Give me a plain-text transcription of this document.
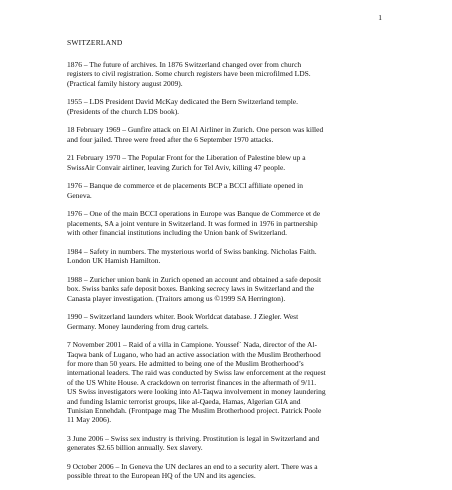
1
SWITZERLAND

1876 – The future of archives. In 1876 Switzerland changed over from church
registers to civil registration. Some church registers have been microfilmed LDS.
(Practical family history august 2009).

1955 – LDS President David McKay dedicated the Bern Switzerland temple.
(Presidents of the church LDS book).

18 February 1969 – Gunfire attack on El Al Airliner in Zurich. One person was killed
and four jailed. Three were freed after the 6 September 1970 attacks.

21 February 1970 – The Popular Front for the Liberation of Palestine blew up a
SwissAir Convair airliner, leaving Zurich for Tel Aviv, killing 47 people.

1976 – Banque de commerce et de placements BCP a BCCI affiliate opened in
Geneva.

1976 – One of the main BCCI operations in Europe was Banque de Commerce et de
placements, SA a joint venture in Switzerland. It was formed in 1976 in partnership
with other financial institutions including the Union bank of Switzerland.

1984 – Safety in numbers. The mysterious world of Swiss banking. Nicholas Faith.
London UK Hamish Hamilton.

1988 – Zuricher union bank in Zurich opened an account and obtained a safe deposit
box. Swiss banks safe deposit boxes. Banking secrecy laws in Switzerland and the
Canasta player investigation. (Traitors among us ©1999 SA Herrington).

1990 – Switzerland launders whiter. Book Worldcat database. J Ziegler. West
Germany. Money laundering from drug cartels.

7 November 2001 – Raid of a villa in Campione. Youssef` Nada, director of the Al-
Taqwa bank of Lugano, who had an active association with the Muslim Brotherhood
for more than 50 years. He admitted to being one of the Muslim Brotherhood’s
international leaders. The raid was conducted by Swiss law enforcement at the request
of the US White House. A crackdown on terrorist finances in the aftermath of 9/11.
US Swiss investigators were looking into Al-Taqwa involvement in money laundering
and funding Islamic terrorist groups, like al-Qaeda, Hamas, Algerian GIA and
Tunisian Ennehdah. (Frontpage mag The Muslim Brotherhood project. Patrick Poole
11 May 2006).

3 June 2006 – Swiss sex industry is thriving. Prostitution is legal in Switzerland and
generates $2.65 billion annually. Sex slavery.

9 October 2006 – In Geneva the UN declares an end to a security alert. There was a
possible threat to the European HQ of the UN and its agencies.
